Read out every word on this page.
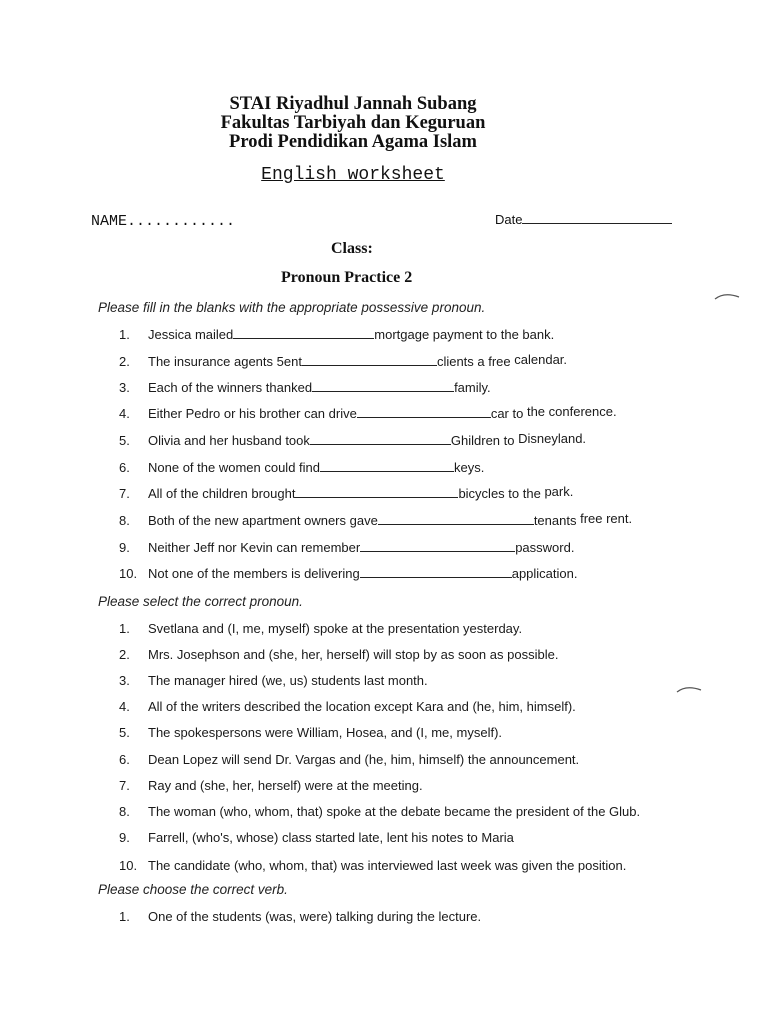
STAI Riyadhul Jannah Subang
Fakultas Tarbiyah dan Keguruan
Prodi Pendidikan Agama Islam
English worksheet
NAME............	Date
Class:
Pronoun Practice 2
Please fill in the blanks with the appropriate possessive pronoun.
1. Jessica mailed	mortgage payment to the bank.
2. The insurance agents 5ent	clients a free calendar.
3. Each of the winners thanked	family.
4. Either Pedro or his brother can drive	car to the conference.
5. Olivia and her husband took	Ghildren to Disneyland.
6. None of the women could find	keys.
7. All of the children brought	bicycles to the park.
8. Both of the new apartment owners gave	tenants free rent.
9. Neither Jeff nor Kevin can remember	password.
10. Not one of the members is delivering	application.
Please select the correct pronoun.
1. Svetlana and (I, me, myself) spoke at the presentation yesterday.
2. Mrs. Josephson and (she, her, herself) will stop by as soon as possible.
3. The manager hired (we, us) students last month.
4. All of the writers described the location except Kara and (he, him, himself).
5. The spokespersons were William, Hosea, and (I, me, myself).
6. Dean Lopez will send Dr. Vargas and (he, him, himself) the announcement.
7. Ray and (she, her, herself) were at the meeting.
8. The woman (who, whom, that) spoke at the debate became the president of the Glub.
9. Farrell, (who's, whose) class started late, lent his notes to Maria
10. The candidate (who, whom, that) was interviewed last week was given the position.
Please choose the correct verb.
1. One of the students (was, were) talking during the lecture.
